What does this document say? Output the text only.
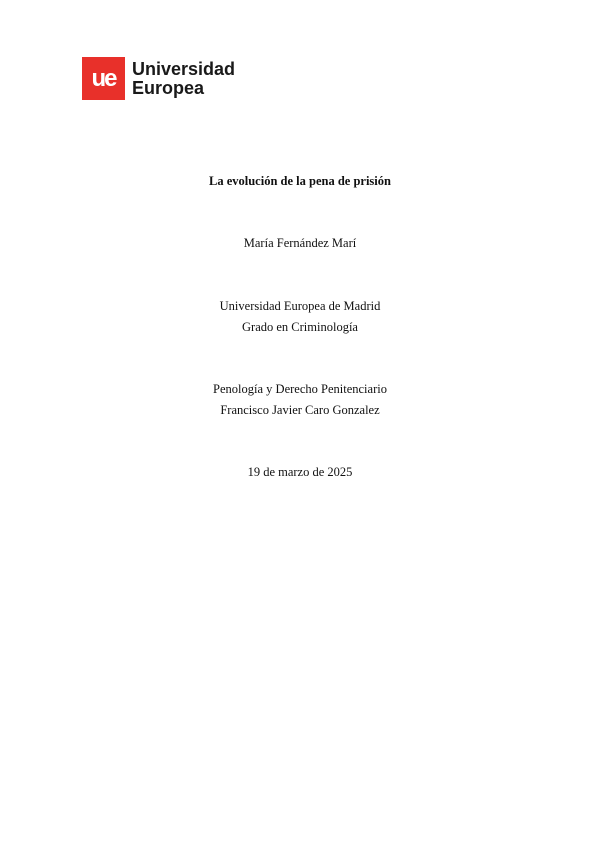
ue Universidad
Europea
La evolución de la pena de prisión
María Fernández Marí
Universidad Europea de Madrid
Grado en Criminología
Penología y Derecho Penitenciario
Francisco Javier Caro Gonzalez
19 de marzo de 2025
